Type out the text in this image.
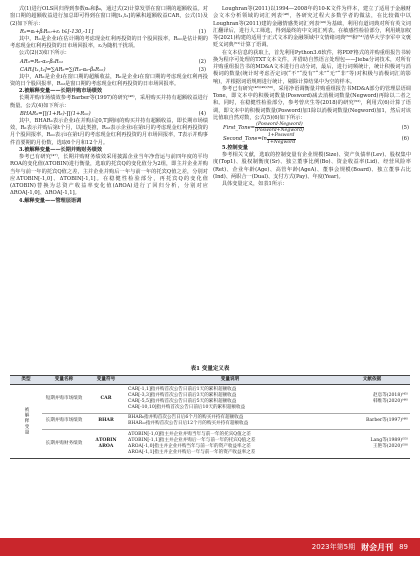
式(1)进行OLS回归得到参数α₀和β₀，通过式(2)计算发票在窗口期的超额收益。对窗口期的超额收益进行加总即可得到在窗口期[t₁,t₂]的累积超额收益CAR，公式(1)及(2)如下所示：

Rᵢₜ=αᵢ+βᵢRₘₜ+εᵢ t∈[-130,-11]	(1)

其中，Rᵢₜ是企业i在估计期的考虑现金红利再投资的日个股回报率，Rₘₜ是估计期的考虑现金红利再投资的日市场回报率，εᵢ为随机干扰项。

公式(2)(3)如下所示：

ARᵢₜ=Rᵢₜ-α₀-β₀Rₘₜ	(2)
CARᵢ[t₁,t₂]=∑ARᵢₜ=∑(Rᵢₜ-α₀-β₀Rₘₜ)	(3)

其中，ARᵢₜ是企业i在窗口期的超额收益，Rᵢₜ是企业i在窗口期的考虑现金红利再投资的日个股回报率，Rₘₜ是窗口期的考虑现金红利再投资的日市场回报率。

2.被解释变量——长期并购市场绩效

长期并购市场绩效参考Barber等(1997)的研究⁽⁴⁶⁾，采用购买并持有超额收益进行衡量。公式(4)如下所示：

BHARᵢₜ=∏(1+Rᵢₜ)-∏(1+Rₘₜ)	(4)

其中，BHARᵢₜ表示企业i在并购后[0,T]期间的购买并持有超额收益，即长期市场绩效，Rᵢₜ表示并购后第t个月，以此类推，Rₘₜ表示企业i在第t月的考虑现金红利再投资的月个股回报率，Rₘₜ表示i在第t月的考虑现金红利再投资的月市场回报率，T表示并购事件首要期的月份数，选取6个月和12个月。

3.被解释变量——长期并购财务绩效

参考已有研究⁽⁴⁷⁾，长期并购财务绩效采用披露企业当年净营运与前四年度的平均ROA的变化值(ΔTOBIN)进行衡量，选取的托宾Q的变化值分为2组，即主并企业并购当年与前一年的托宾Q值之差，主并企业并购后一年与前一年的托宾Q值之差，分别对应ΔTOBIN[-1,0]、ΔTOBIN[-1,1]。在稳健性检验部分，再托宾Q的变化值(ΔTOBIN)替换为总资产收益率变化值(ΔROA)进行了回归分析，分别对应ΔROA[-1,0]、ΔROA[-1,1]。

4.解释变量——管理层语调

Loughran等(2011)以1994—2008年的10-K文件为样本，建立了适用于金融财会文本分析领域的词汇列表⁽⁴⁸⁾，各研究过程大多数学者的做法，在比较做中以Loughran等(2011)建的金融情感类词汇列表⁽⁴⁹⁾为基础，利用有道词典对所有英文词汇翻译后，进行人工筛选，得到最终的中文词汇列表。在敏感性检验部分，利用姚加权等(2021)构建的适用于正式文本的金融领域中文情绪词典⁽⁵⁰⁾和⁽⁵¹⁾清华大学李军中文褒贬义词典⁽⁵¹⁾计算了语调。

在文本信息的获取上，首先利用Python3.6软件，将PDF格式的并购重组报告书转换为程序可处理的TXT文本文件，并借助自然语言处理包——Jieba分词技术，对所有并购重组报告书的MD&A文本进行自动分词，最后，进行词频统计，统计积极词与消极词的数量(统计时考虑否定词(“不”“没有”“未”“无”“非”等)对积极与消极词汇的影响)，并根据词语规则进行统计，剔除计算结果中为空的样本。

参考已有研究⁽⁴⁸⁾⁽⁴⁹⁾⁽⁵⁰⁾，采用净语调衡量并购重组报告书MD&A部分的管理层语调Tone，即文本中的积极词数量(Posword)减去消极词数量(Negword)再除以二者之和。同时，在稳健性检验部分，参考曾庆生等(2018)的研究⁽⁵²⁾，利用式(6)计算了语调，即文本中的积极词数量(Posword)加1除以消极词数量(Negword)加1，然后对该比值取自然对数，公式(5)(6)如下所示：

First_Tone=
(Posword-Negword)
(Posword+Negword)	(5)
Second_Tone=ln
1+Posword
1+Negword	(6)

5.控制变量

参考相关文献，选取的控制变量有企业规模(Size)、资产负债率(Lev)、股权集中度(Top1)、股权制衡度(Sr)、独立董事比例(Bo)、资金收益率(Lid)、经营风险率(Ret)、企业年龄(Age)、高管年龄(AgeA)、董事会规模(Board)、独立董事占比(Ind)、两职合一(Dual)、支付方式(Pay)、年度(Year)。

具体变量定义，如表1所示：

表1 变量定义表
类型	变量名称	变量符号	变量说明	文献依据
被解释变量	短期并购市场绩效	CAR	CAR[-1,1]指并购首次公告日前后1天的累积超额收益
CAR[-3,3]指并购首次公告日前后3天的累积超额收益
CAR[-5,5]指并购首次公告日前后5天的累积超额收益
CAR[-10,10]指并购首次公告日前后10天的累积超额收益	赵息等(2018)⁽⁴⁵⁾
韩维等(2020)⁽⁴⁶⁾
	长期并购市场绩效	BHAR	BHAR₆指并购首次公告日后6个月的购买并持有超额收益
BHAR₁₂指并购首次公告日后12个月的购买并持有超额收益	Barber等(1997)⁽⁴⁶⁾
	长期并购财务绩效	ΔTOBIN
ΔROA	ΔTOBIN[-1,0]指主并企业并购当年与前一年的托宾Q值之差
ΔTOBIN[-1,1]指主并企业并购后一年与前一年的托宾Q值之差
ΔROA[-1,0]指主并企业并购当年与前一年的资产收益率之差
ΔROA[-1,1]指主并企业并购后一年与前一年的资产收益率之差	Lang等(1989)⁽⁵⁵⁾
王艳等(2020)⁽⁵⁰⁾
2023年第5期 财会月刊 89
